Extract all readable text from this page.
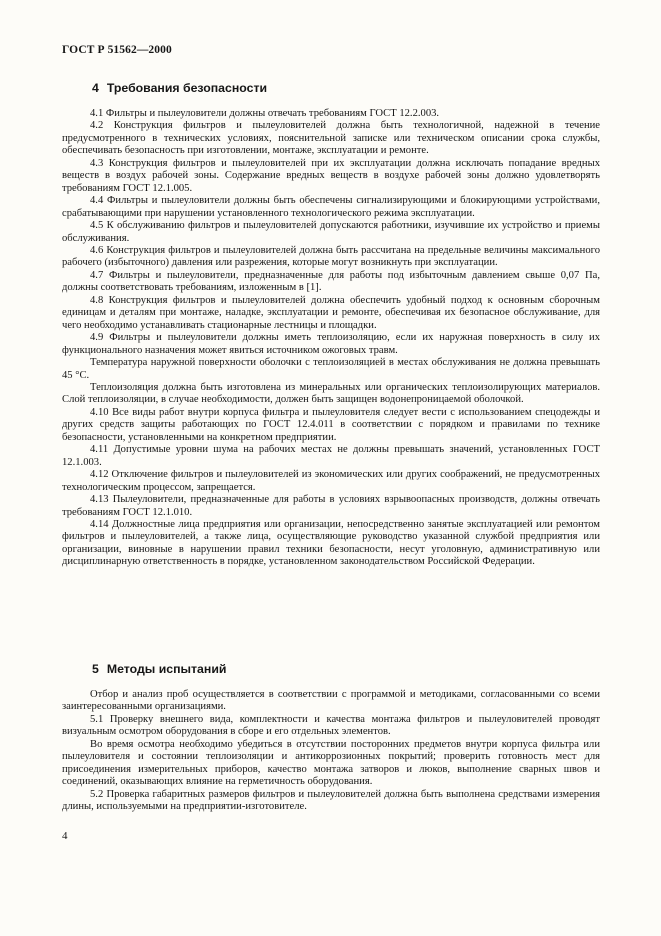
ГОСТ Р 51562—2000
4 Требования безопасности

4.1 Фильтры и пылеуловители должны отвечать требованиям ГОСТ 12.2.003.

4.2 Конструкция фильтров и пылеуловителей должна быть технологичной, надежной в течение предусмотренного в технических условиях, пояснительной записке или техническом описании срока службы, обеспечивать безопасность при изготовлении, монтаже, эксплуатации и ремонте.

4.3 Конструкция фильтров и пылеуловителей при их эксплуатации должна исключать попадание вредных веществ в воздух рабочей зоны. Содержание вредных веществ в воздухе рабочей зоны должно удовлетворять требованиям ГОСТ 12.1.005.

4.4 Фильтры и пылеуловители должны быть обеспечены сигнализирующими и блокирующими устройствами, срабатывающими при нарушении установленного технологического режима эксплуатации.

4.5 К обслуживанию фильтров и пылеуловителей допускаются работники, изучившие их устройство и приемы обслуживания.

4.6 Конструкция фильтров и пылеуловителей должна быть рассчитана на предельные величины максимального рабочего (избыточного) давления или разрежения, которые могут возникнуть при эксплуатации.

4.7 Фильтры и пылеуловители, предназначенные для работы под избыточным давлением свыше 0,07 Па, должны соответствовать требованиям, изложенным в [1].

4.8 Конструкция фильтров и пылеуловителей должна обеспечить удобный подход к основным сборочным единицам и деталям при монтаже, наладке, эксплуатации и ремонте, обеспечивая их безопасное обслуживание, для чего необходимо устанавливать стационарные лестницы и площадки.

4.9 Фильтры и пылеуловители должны иметь теплоизоляцию, если их наружная поверхность в силу их функционального назначения может явиться источником ожоговых травм.

Температура наружной поверхности оболочки с теплоизоляцией в местах обслуживания не должна превышать 45 °С.

Теплоизоляция должна быть изготовлена из минеральных или органических теплоизолирующих материалов. Слой теплоизоляции, в случае необходимости, должен быть защищен водонепроницаемой оболочкой.

4.10 Все виды работ внутри корпуса фильтра и пылеуловителя следует вести с использованием спецодежды и других средств защиты работающих по ГОСТ 12.4.011 в соответствии с порядком и правилами по технике безопасности, установленными на конкретном предприятии.

4.11 Допустимые уровни шума на рабочих местах не должны превышать значений, установленных ГОСТ 12.1.003.

4.12 Отключение фильтров и пылеуловителей из экономических или других соображений, не предусмотренных технологическим процессом, запрещается.

4.13 Пылеуловители, предназначенные для работы в условиях взрывоопасных производств, должны отвечать требованиям ГОСТ 12.1.010.

4.14 Должностные лица предприятия или организации, непосредственно занятые эксплуатацией или ремонтом фильтров и пылеуловителей, а также лица, осуществляющие руководство указанной службой предприятия или организации, виновные в нарушении правил техники безопасности, несут уголовную, административную или дисциплинарную ответственность в порядке, установленном законодательством Российской Федерации.

5 Методы испытаний

Отбор и анализ проб осуществляется в соответствии с программой и методиками, согласованными со всеми заинтересованными организациями.

5.1 Проверку внешнего вида, комплектности и качества монтажа фильтров и пылеуловителей проводят визуальным осмотром оборудования в сборе и его отдельных элементов.

Во время осмотра необходимо убедиться в отсутствии посторонних предметов внутри корпуса фильтра или пылеуловителя и состоянии теплоизоляции и антикоррозионных покрытий; проверить готовность мест для присоединения измерительных приборов, качество монтажа затворов и люков, выполнение сварных швов и соединений, оказывающих влияние на герметичность оборудования.

5.2 Проверка габаритных размеров фильтров и пылеуловителей должна быть выполнена средствами измерения длины, используемыми на предприятии-изготовителе.

4
